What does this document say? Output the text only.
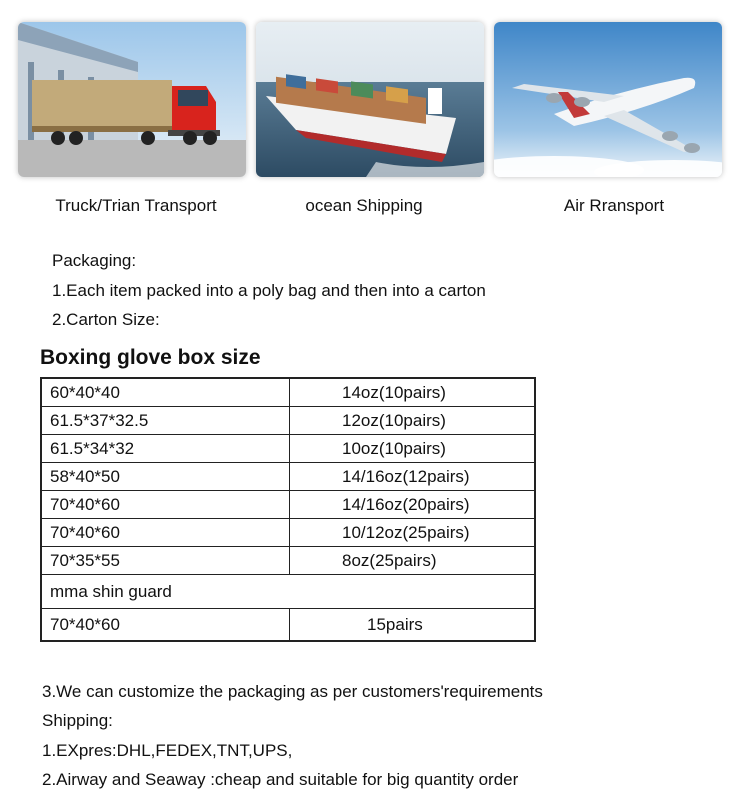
Truck/Trian Transport	ocean Shipping	Air Rransport
Packaging:
1.Each item packed into a poly bag and then into a carton
2.Carton Size:
Boxing glove box size
60*40*40	14oz(10pairs)
61.5*37*32.5	12oz(10pairs)
61.5*34*32	10oz(10pairs)
58*40*50	14/16oz(12pairs)
70*40*60	14/16oz(20pairs)
70*40*60	10/12oz(25pairs)
70*35*55	8oz(25pairs)
mma shin guard	
70*40*60	15pairs
3.We can customize the packaging as per customers'requirements
Shipping:
1.EXpres:DHL,FEDEX,TNT,UPS,
2.Airway and Seaway :cheap and suitable for big quantity order
